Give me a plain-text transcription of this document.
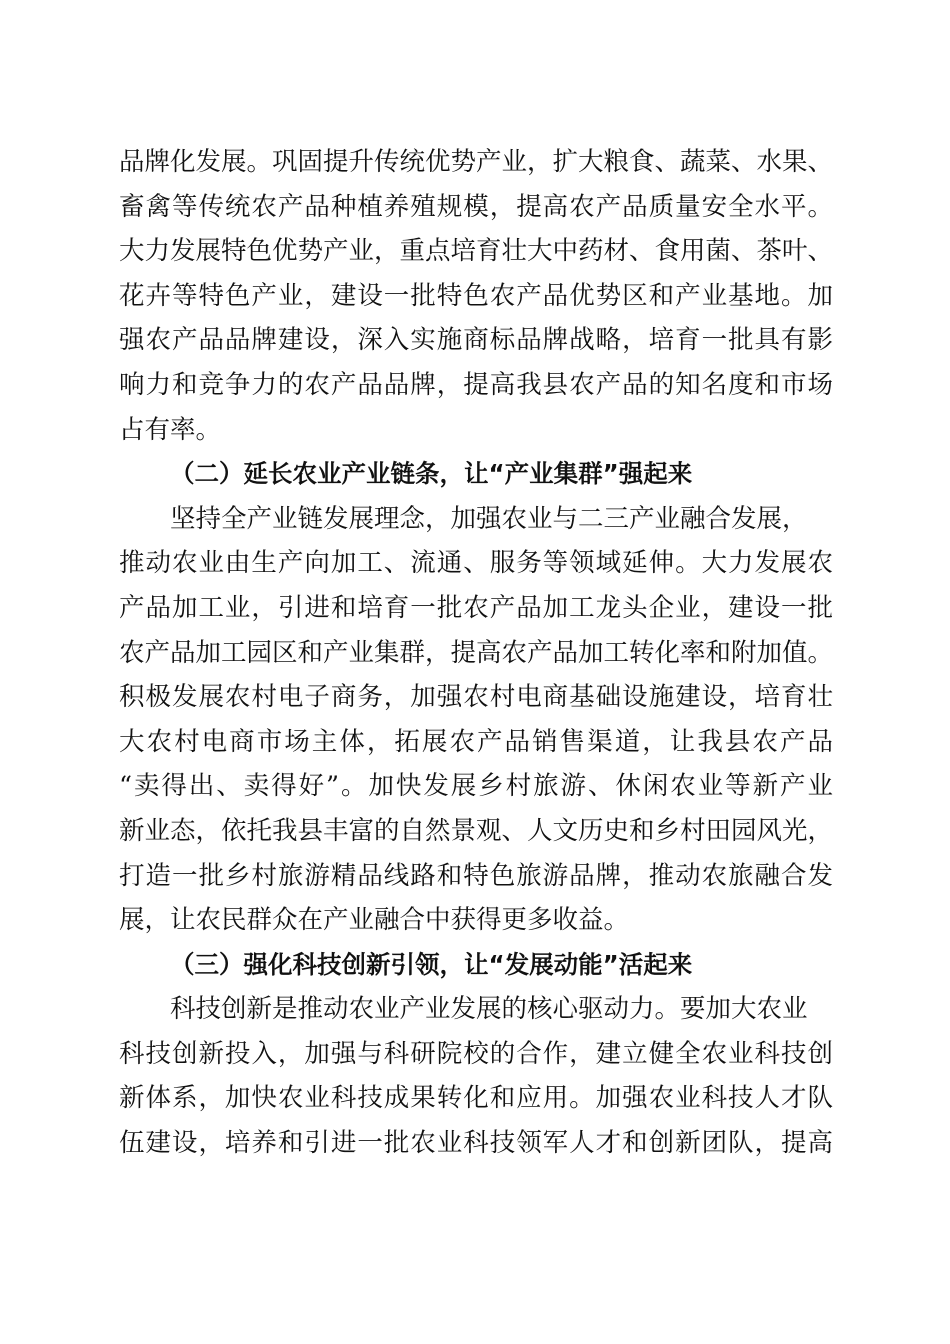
品牌化发展。巩固提升传统优势产业，扩大粮食、蔬菜、水果、
畜禽等传统农产品种植养殖规模，提高农产品质量安全水平。
大力发展特色优势产业，重点培育壮大中药材、食用菌、茶叶、
花卉等特色产业，建设一批特色农产品优势区和产业基地。加
强农产品品牌建设，深入实施商标品牌战略，培育一批具有影
响力和竞争力的农产品品牌，提高我县农产品的知名度和市场
占有率。
（二）延长农业产业链条，让“产业集群”强起来
坚持全产业链发展理念，加强农业与二三产业融合发展，
推动农业由生产向加工、流通、服务等领域延伸。大力发展农
产品加工业，引进和培育一批农产品加工龙头企业，建设一批
农产品加工园区和产业集群，提高农产品加工转化率和附加值。
积极发展农村电子商务，加强农村电商基础设施建设，培育壮
大农村电商市场主体，拓展农产品销售渠道，让我县农产品
“卖得出、卖得好”。加快发展乡村旅游、休闲农业等新产业
新业态，依托我县丰富的自然景观、人文历史和乡村田园风光，
打造一批乡村旅游精品线路和特色旅游品牌，推动农旅融合发
展，让农民群众在产业融合中获得更多收益。
（三）强化科技创新引领，让“发展动能”活起来
科技创新是推动农业产业发展的核心驱动力。要加大农业
科技创新投入，加强与科研院校的合作，建立健全农业科技创
新体系，加快农业科技成果转化和应用。加强农业科技人才队
伍建设，培养和引进一批农业科技领军人才和创新团队，提高
